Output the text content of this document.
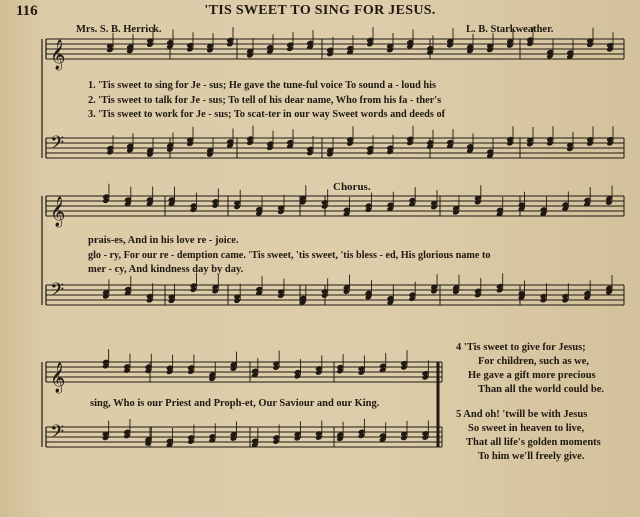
116	'TIS SWEET TO SING FOR JESUS.
Mrs. S. B. Herrick.	L. B. Starkweather.
𝄞
𝄢
𝄞
𝄢
𝄞
𝄢
1. 'Tis sweet to sing for Je - sus; He gave the tune-ful voice To sound a - loud his
2. 'Tis sweet to talk for Je - sus; To tell of his dear name, Who from his fa - ther's
3. 'Tis sweet to work for Je - sus; To scat-ter in our way Sweet words and deeds of
Chorus.
prais-es, And in his love re - joice.
glo - ry, For our re - demption came. 'Tis sweet, 'tis sweet, 'tis bless - ed, His glorious name to
mer - cy, And kindness day by day.
sing, Who is our Priest and Proph-et, Our Saviour and our King.
4 'Tis sweet to give for Jesus;
For children, such as we,
He gave a gift more precious
Than all the world could be.
5 And oh! 'twill be with Jesus
So sweet in heaven to live,
That all life's golden moments
To him we'll freely give.
